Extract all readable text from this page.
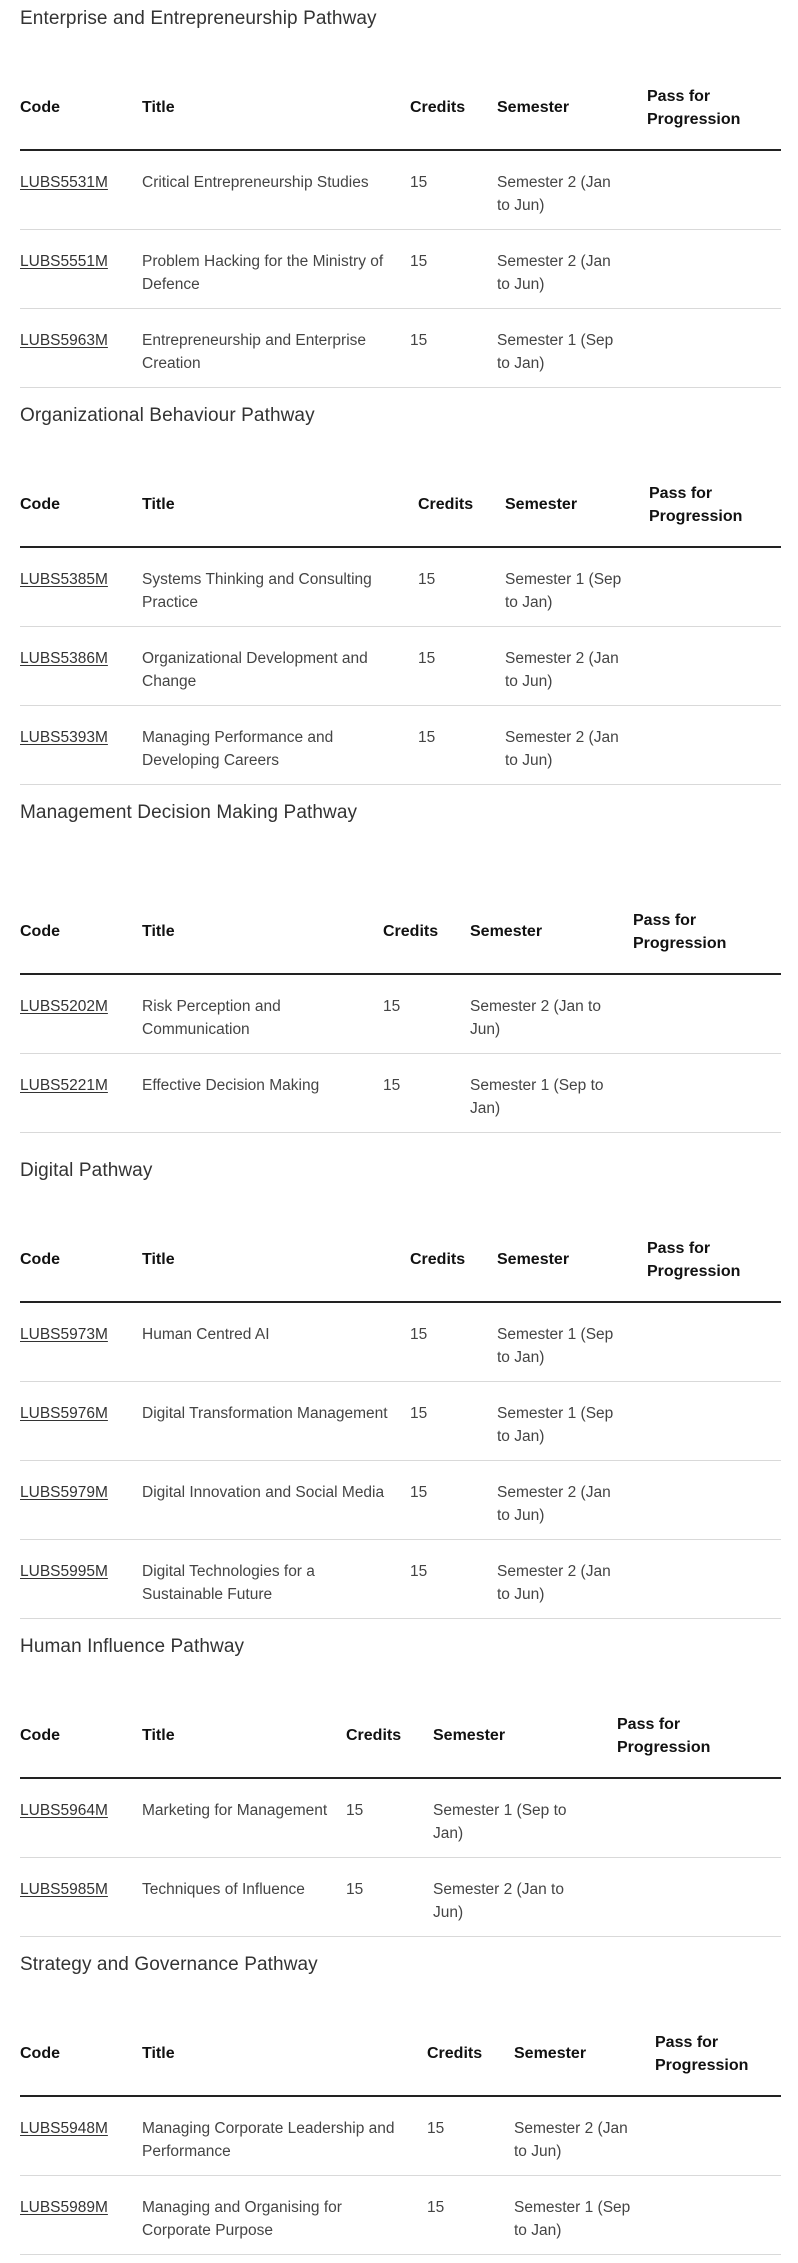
Enterprise and Entrepreneurship Pathway
Code	Title	Credits	Semester	Pass for
Progression

LUBS5531M	Critical Entrepreneurship Studies	15	Semester 2 (Jan to Jun)	
LUBS5551M	Problem Hacking for the Ministry of Defence	15	Semester 2 (Jan to Jun)	
LUBS5963M	Entrepreneurship and Enterprise Creation	15	Semester 1 (Sep to Jan)	
Organizational Behaviour Pathway
Code	Title	Credits	Semester	Pass for
Progression

LUBS5385M	Systems Thinking and Consulting Practice	15	Semester 1 (Sep to Jan)	
LUBS5386M	Organizational Development and Change	15	Semester 2 (Jan to Jun)	
LUBS5393M	Managing Performance and Developing Careers	15	Semester 2 (Jan to Jun)	
Management Decision Making Pathway
Code	Title	Credits	Semester	Pass for
Progression

LUBS5202M	Risk Perception and Communication	15	Semester 2 (Jan to Jun)	
LUBS5221M	Effective Decision Making	15	Semester 1 (Sep to Jan)	
Digital Pathway
Code	Title	Credits	Semester	Pass for
Progression

LUBS5973M	Human Centred AI	15	Semester 1 (Sep to Jan)	
LUBS5976M	Digital Transformation Management	15	Semester 1 (Sep to Jan)	
LUBS5979M	Digital Innovation and Social Media	15	Semester 2 (Jan to Jun)	
LUBS5995M	Digital Technologies for a Sustainable Future	15	Semester 2 (Jan to Jun)	
Human Influence Pathway
Code	Title	Credits	Semester	Pass for
Progression

LUBS5964M	Marketing for Management	15	Semester 1 (Sep to Jan)	
LUBS5985M	Techniques of Influence	15	Semester 2 (Jan to Jun)	
Strategy and Governance Pathway
Code	Title	Credits	Semester	Pass for
Progression

LUBS5948M	Managing Corporate Leadership and Performance	15	Semester 2 (Jan to Jun)	
LUBS5989M	Managing and Organising for Corporate Purpose	15	Semester 1 (Sep to Jan)	
